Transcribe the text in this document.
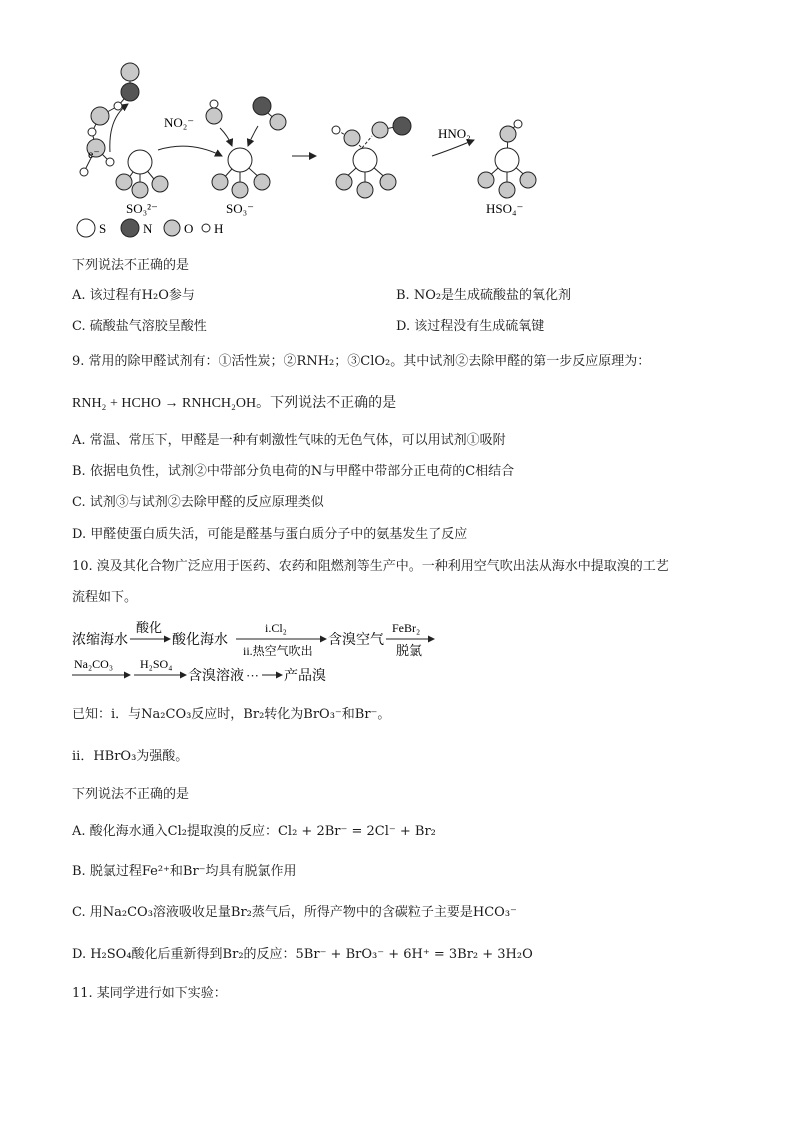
e⁻
NO₂⁻
SO₃²⁻	SO₃⁻
HNO₂
HSO₄⁻
S	N O H
下列说法不正确的是
A. 该过程有H₂O参与	B. NO₂是生成硫酸盐的氧化剂
C. 硫酸盐气溶胶呈酸性	D. 该过程没有生成硫氧键
9. 常用的除甲醛试剂有：①活性炭；②RNH₂；③ClO₂。其中试剂②去除甲醛的第一步反应原理为：
RNH₂ + HCHO → RNHCH₂OH。下列说法不正确的是
A. 常温、常压下，甲醛是一种有刺激性气味的无色气体，可以用试剂①吸附
B. 依据电负性，试剂②中带部分负电荷的N与甲醛中带部分正电荷的C相结合
C. 试剂③与试剂②去除甲醛的反应原理类似
D. 甲醛使蛋白质失活，可能是醛基与蛋白质分子中的氨基发生了反应
10. 溴及其化合物广泛应用于医药、农药和阻燃剂等生产中。一种利用空气吹出法从海水中提取溴的工艺
流程如下。
浓缩海水
酸化
酸化海水
i.Cl₂
ii.热空气吹出
含溴空气
FeBr₂
脱氯
Na₂CO₃ H₂SO₄
含溴溶液 ··· 产品溴
已知：i．与Na₂CO₃反应时，Br₂转化为BrO₃⁻和Br⁻。
ii．HBrO₃为强酸。
下列说法不正确的是
A. 酸化海水通入Cl₂提取溴的反应：Cl₂ + 2Br⁻ = 2Cl⁻ + Br₂
B. 脱氯过程Fe²⁺和Br⁻均具有脱氯作用
C. 用Na₂CO₃溶液吸收足量Br₂蒸气后，所得产物中的含碳粒子主要是HCO₃⁻
D. H₂SO₄酸化后重新得到Br₂的反应：5Br⁻ + BrO₃⁻ + 6H⁺ = 3Br₂ + 3H₂O
11. 某同学进行如下实验：
